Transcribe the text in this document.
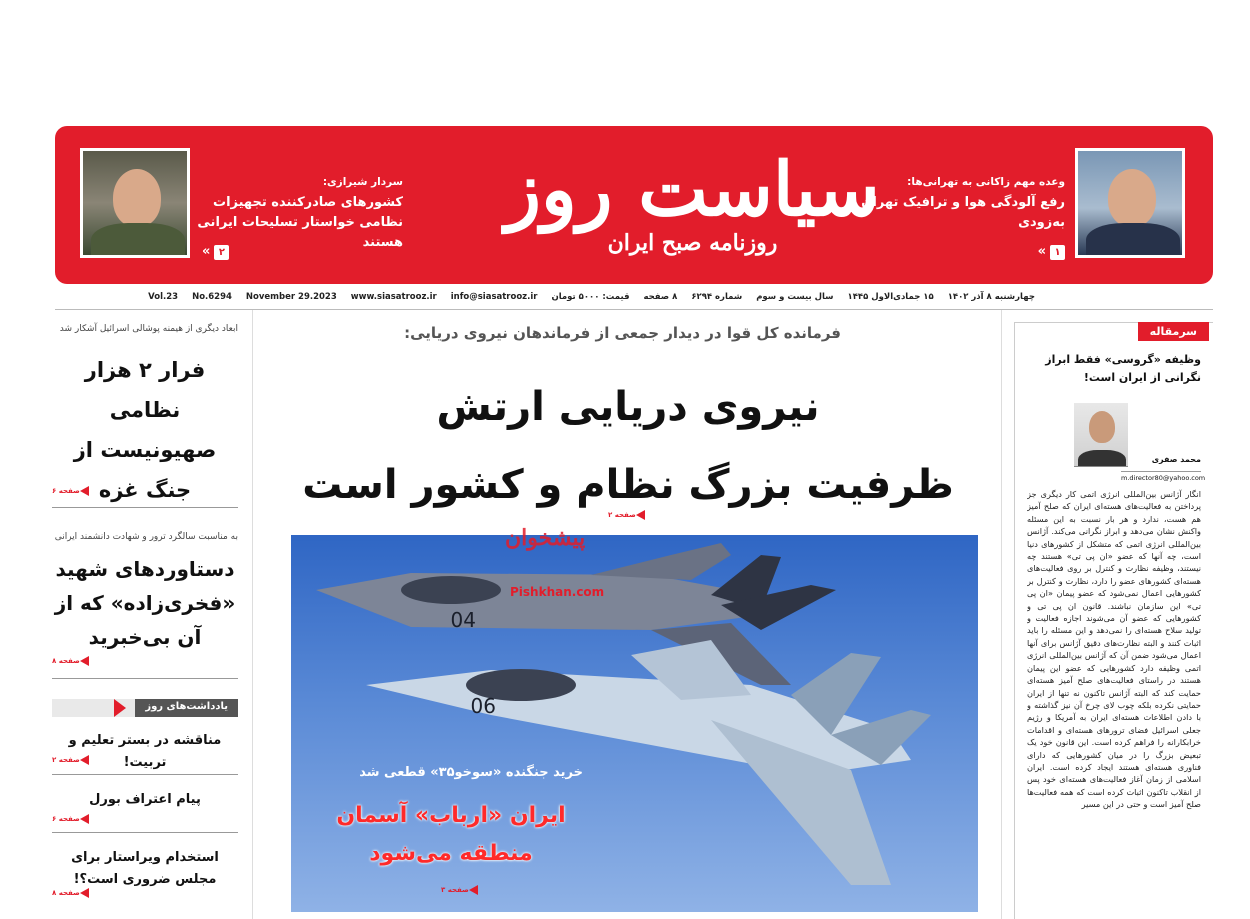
وعده مهم زاکانی به تهرانی‌ها:
رفع آلودگی هوا و ترافیک تهران به‌زودی
۱»
سیاست روز
روزنامه صبح ایران
سردار شیرازی:
کشورهای صادرکننده تجهیزات نظامی خواستار تسلیحات ایرانی هستند
۲»
چهارشنبه ۸ آذر ۱۴۰۲
۱۵ جمادی‌الاول ۱۴۴۵
سال بیست و سوم
شماره ۶۲۹۴
۸ صفحه
قیمت: ۵۰۰۰ تومان
info@siasatrooz.ir
www.siasatrooz.ir
November 29.2023
No.6294
Vol.23
سرمقاله
وظیفه «گروسی» فقط ابراز نگرانی از ایران است!
محمد صفری
m.director80@yahoo.com
انگار آژانس بین‌المللی انرژی اتمی کار دیگری جز پرداختن به فعالیت‌های هسته‌ای ایران که صلح آمیز هم هست، ندارد و هر بار نسبت به این مسئله واکنش نشان می‌دهد و ابراز نگرانی می‌کند. آژانس بین‌المللی انرژی اتمی که متشکل از کشورهای دنیا است، چه آنها که عضو «ان پی تی» هستند چه نیستند، وظیفه نظارت و کنترل بر روی فعالیت‌های هسته‌ای کشورهای عضو را دارد، نظارت و کنترل بر کشورهایی اعمال نمی‌شود که عضو پیمان «ان پی تی» این سازمان نباشند. قانون ان پی تی و کشورهایی که عضو آن می‌شوند اجازه فعالیت و تولید سلاح هسته‌ای را نمی‌دهد و این مسئله را باید اثبات کنند و البته نظارت‌های دقیق آژانس برای آنها اعمال می‌شود ضمن آن که آژانس بین‌المللی انرژی اتمی وظیفه دارد کشورهایی که عضو این پیمان هستند در راستای فعالیت‌های صلح آمیز هسته‌ای حمایت کند که البته آژانس تاکنون نه تنها از ایران حمایتی نکرده بلکه چوب لای چرخ آن نیز گذاشته و با دادن اطلاعات هسته‌ای ایران به آمریکا و رژیم جعلی اسرائیل فضای ترورهای هسته‌ای و اقدامات خرابکارانه را فراهم کرده است. این قانون خود یک تبعیض بزرگ را در میان کشورهایی که دارای فناوری هسته‌ای هستند ایجاد کرده است. ایران اسلامی از زمان آغاز فعالیت‌های هسته‌ای خود پس از انقلاب تاکنون اثبات کرده است که همه فعالیت‌ها صلح آمیز است و حتی در این مسیر
ابعاد دیگری از هیمنه پوشالی اسرائیل آشکار شد
فرار ۲ هزار نظامی صهیونیست از جنگ غزه
صفحه ۶
به مناسبت سالگرد ترور و شهادت دانشمند ایرانی
دستاوردهای شهید «فخری‌زاده» که از آن بی‌خبرید
صفحه ۸
یادداشت‌های روز
مناقشه در بستر تعلیم و تربیت!
صفحه ۲
پیام اعتراف بورل
صفحه ۶
استخدام ویراستار برای مجلس ضروری است؟!
صفحه ۸
فرمانده کل قوا در دیدار جمعی از فرماندهان نیروی دریایی:
نیروی دریایی ارتش
ظرفیت بزرگ نظام و کشور است
صفحه ۲
04
06
خرید جنگنده «سوخو۳۵» قطعی شد
ایران «ارباب» آسمان منطقه می‌شود
صفحه ۳
پیشخوان
Pishkhan.com
